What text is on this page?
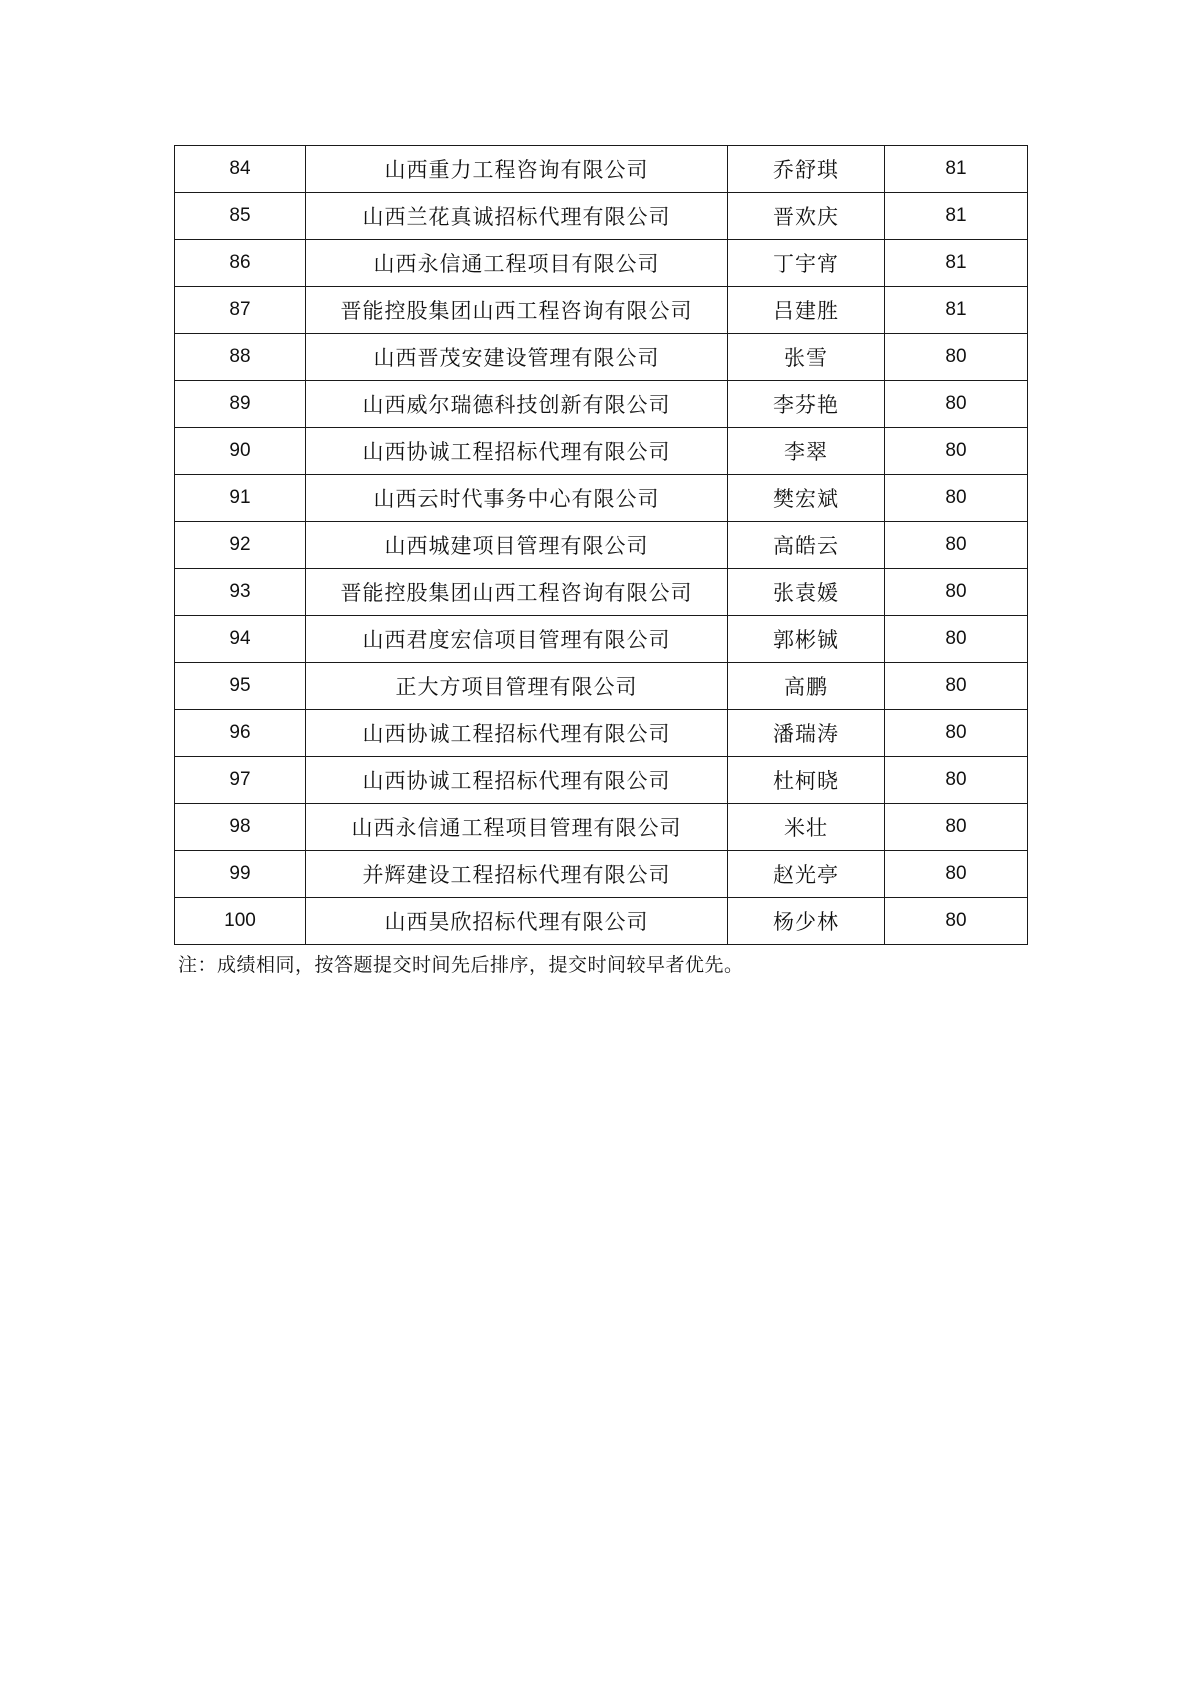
84	山西重力工程咨询有限公司	乔舒琪	81
85	山西兰花真诚招标代理有限公司	晋欢庆	81
86	山西永信通工程项目有限公司	丁宇宵	81
87	晋能控股集团山西工程咨询有限公司	吕建胜	81
88	山西晋茂安建设管理有限公司	张雪	80
89	山西威尔瑞德科技创新有限公司	李芬艳	80
90	山西协诚工程招标代理有限公司	李翠	80
91	山西云时代事务中心有限公司	樊宏斌	80
92	山西城建项目管理有限公司	高皓云	80
93	晋能控股集团山西工程咨询有限公司	张袁媛	80
94	山西君度宏信项目管理有限公司	郭彬铖	80
95	正大方项目管理有限公司	高鹏	80
96	山西协诚工程招标代理有限公司	潘瑞涛	80
97	山西协诚工程招标代理有限公司	杜柯晓	80
98	山西永信通工程项目管理有限公司	米壮	80
99	并辉建设工程招标代理有限公司	赵光亭	80
100	山西昊欣招标代理有限公司	杨少林	80
注：成绩相同，按答题提交时间先后排序，提交时间较早者优先。
